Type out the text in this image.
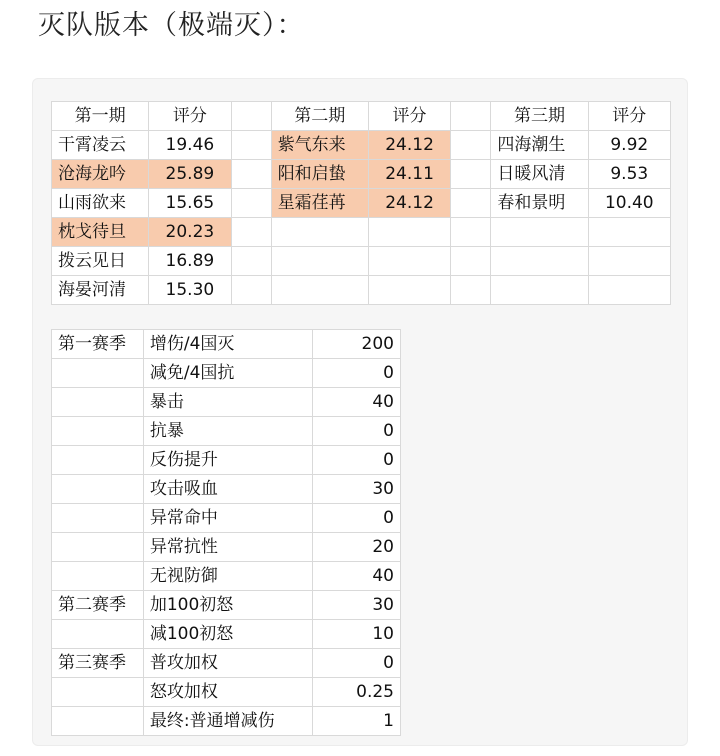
灭队版本（极端灭）：
第一期	评分		第二期	评分		第三期	评分
干霄凌云	19.46		紫气东来	24.12		四海潮生	9.92
沧海龙吟	25.89		阳和启蛰	24.11		日暖风清	9.53
山雨欲来	15.65		星霜荏苒	24.12		春和景明	10.40
枕戈待旦	20.23						
拨云见日	16.89						
海晏河清	15.30						
第一赛季	增伤/4国灭	200
	减免/4国抗	0
	暴击	40
	抗暴	0
	反伤提升	0
	攻击吸血	30
	异常命中	0
	异常抗性	20
	无视防御	40
第二赛季	加100初怒	30
	减100初怒	10
第三赛季	普攻加权	0
	怒攻加权	0.25
	最终:普通增减伤	1
